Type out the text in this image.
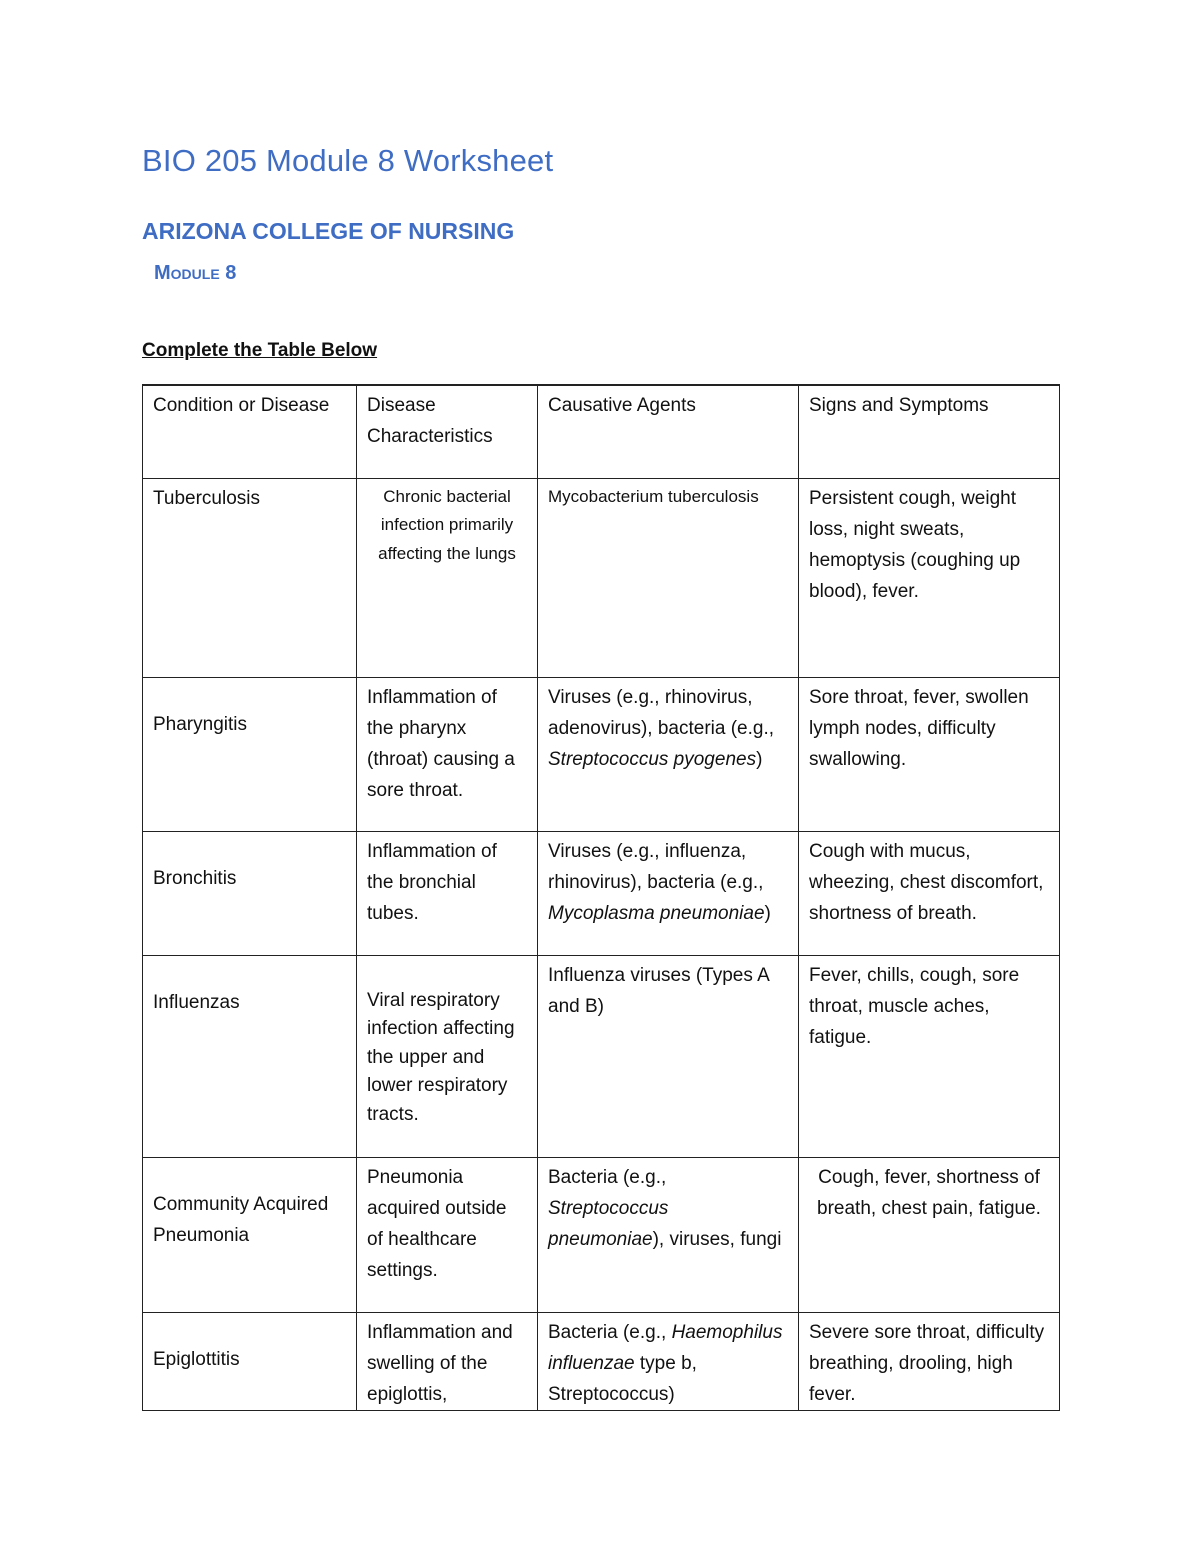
BIO 205 Module 8 Worksheet
ARIZONA COLLEGE OF NURSING
Module 8

Complete the Table Below

Condition or Disease	Disease Characteristics	Causative Agents	Signs and Symptoms
Tuberculosis	Chronic bacterial infection primarily affecting the lungs	Mycobacterium tuberculosis	Persistent cough, weight loss, night sweats, hemoptysis (coughing up blood), fever.

Pharyngitis	Inflammation of the pharynx (throat) causing a sore throat.	Viruses (e.g., rhinovirus, adenovirus), bacteria (e.g., Streptococcus pyogenes)	Sore throat, fever, swollen lymph nodes, difficulty swallowing.

Bronchitis	Inflammation of the bronchial tubes.	Viruses (e.g., influenza, rhinovirus), bacteria (e.g., Mycoplasma pneumoniae)	Cough with mucus, wheezing, chest discomfort, shortness of breath.

Influenzas	Viral respiratory infection affecting the upper and lower respiratory tracts.	Influenza viruses (Types A and B)	Fever, chills, cough, sore throat, muscle aches, fatigue.

Community Acquired Pneumonia	Pneumonia acquired outside of healthcare settings.	Bacteria (e.g., Streptococcus pneumoniae), viruses, fungi	Cough, fever, shortness of breath, chest pain, fatigue.

Epiglottitis	Inflammation and swelling of the epiglottis,	Bacteria (e.g., Haemophilus influenzae type b, Streptococcus)	Severe sore throat, difficulty breathing, drooling, high fever.
